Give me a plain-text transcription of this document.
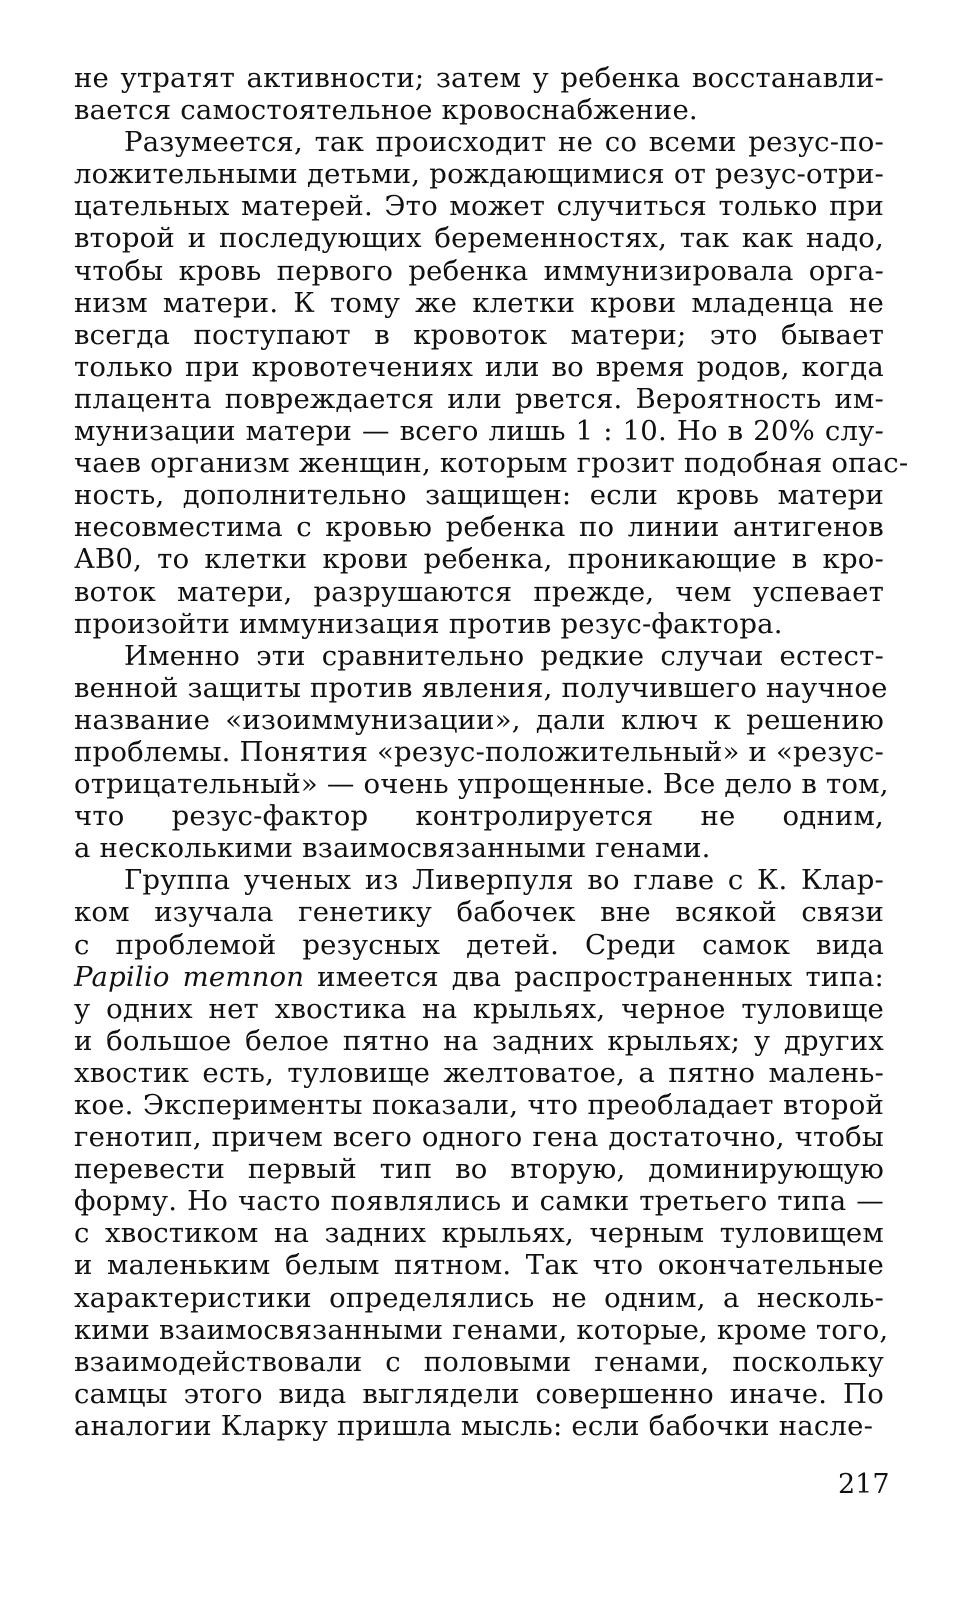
не утратят активности; затем у ребенка восстанавли-
вается самостоятельное кровоснабжение.
Разумеется, так происходит не со всеми резус-по-
ложительными детьми, рождающимися от резус-отри-
цательных матерей. Это может случиться только при
второй и последующих беременностях, так как надо,
чтобы кровь первого ребенка иммунизировала орга-
низм матери. К тому же клетки крови младенца не
всегда поступают в кровоток матери; это бывает
только при кровотечениях или во время родов, когда
плацента повреждается или рвется. Вероятность им-
мунизации матери — всего лишь 1 : 10. Но в 20% слу-
чаев организм женщин, которым грозит подобная опас-
ность, дополнительно защищен: если кровь матери
несовместима с кровью ребенка по линии антигенов
АВ0, то клетки крови ребенка, проникающие в кро-
воток матери, разрушаются прежде, чем успевает
произойти иммунизация против резус-фактора.
Именно эти сравнительно редкие случаи естест-
венной защиты против явления, получившего научное
название «изоиммунизации», дали ключ к решению
проблемы. Понятия «резус-положительный» и «резус-
отрицательный» — очень упрощенные. Все дело в том,
что резус-фактор контролируется не одним,
а несколькими взаимосвязанными генами.
Группа ученых из Ливерпуля во главе с К. Клар-
ком изучала генетику бабочек вне всякой связи
с проблемой резусных детей. Среди самок вида
Papilio memnon имеется два распространенных типа:
у одних нет хвостика на крыльях, черное туловище
и большое белое пятно на задних крыльях; у других
хвостик есть, туловище желтоватое, а пятно малень-
кое. Эксперименты показали, что преобладает второй
генотип, причем всего одного гена достаточно, чтобы
перевести первый тип во вторую, доминирующую
форму. Но часто появлялись и самки третьего типа —
с хвостиком на задних крыльях, черным туловищем
и маленьким белым пятном. Так что окончательные
характеристики определялись не одним, а несколь-
кими взаимосвязанными генами, которые, кроме того,
взаимодействовали с половыми генами, поскольку
самцы этого вида выглядели совершенно иначе. По
аналогии Кларку пришла мысль: если бабочки насле-
217
